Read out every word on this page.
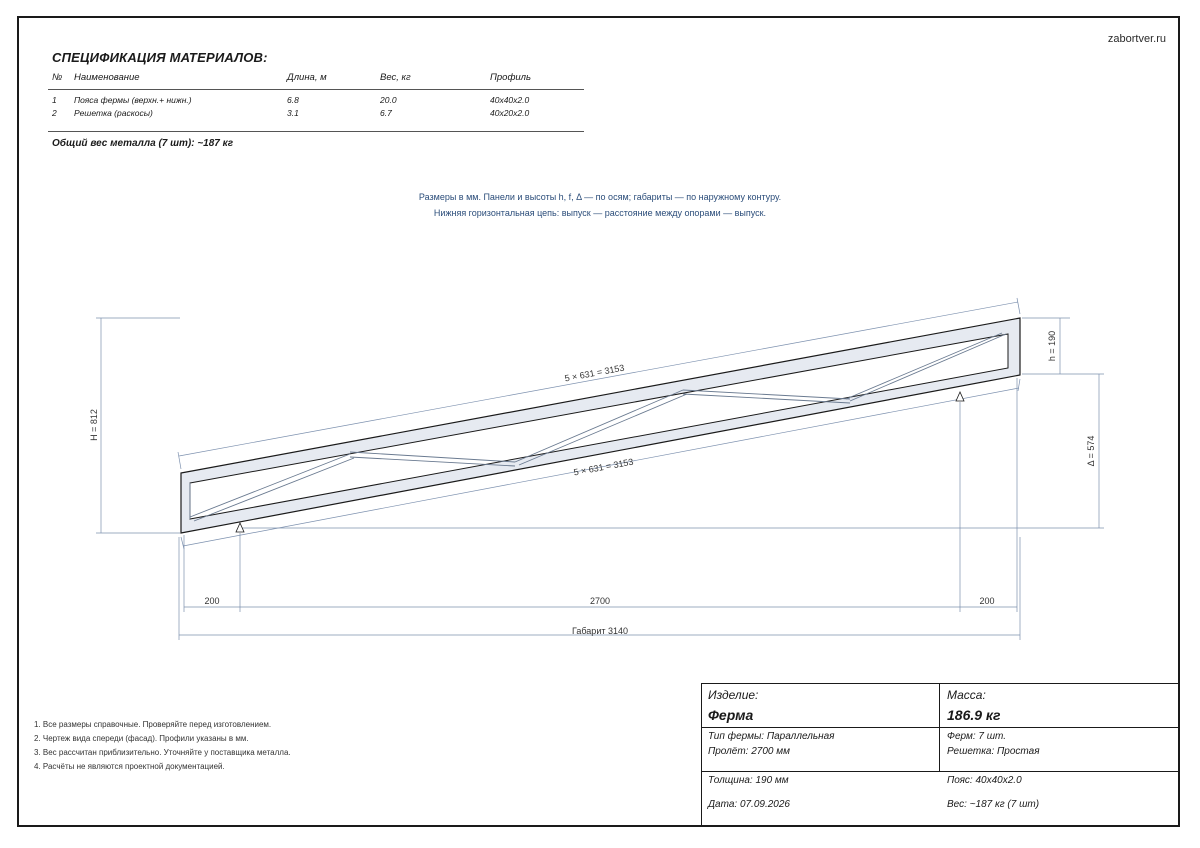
zabortver.ru
СПЕЦИФИКАЦИЯ МАТЕРИАЛОВ:
№	Наименование	Длина, м	Вес, кг	Профиль
1	Пояса фермы (верхн.+ нижн.)	6.8	20.0	40x40x2.0
2	Решетка (раскосы)	3.1	6.7	40x20x2.0
Общий вес металла (7 шт): ~187 кг
Размеры в мм. Панели и высоты h, f, Δ — по осям; габариты — по наружному контуру.
Нижняя горизонтальная цепь: выпуск — расстояние между опорами — выпуск.
5 × 631 = 3153
5 × 631 = 3153
H = 812
h = 190
Δ = 574
200	2700	200
Габарит 3140
1. Все размеры справочные. Проверяйте перед изготовлением.
2. Чертеж вида спереди (фасад). Профили указаны в мм.
3. Вес рассчитан приблизительно. Уточняйте у поставщика металла.
4. Расчёты не являются проектной документацией.
Изделие:
Ферма
Масса:
186.9 кг
Тип фермы: Параллельная
Пролёт: 2700 мм
Ферм: 7 шт.
Решетка: Простая
Толщина: 190 мм	Пояс: 40x40x2.0
Дата: 07.09.2026	Вес: ~187 кг (7 шт)
